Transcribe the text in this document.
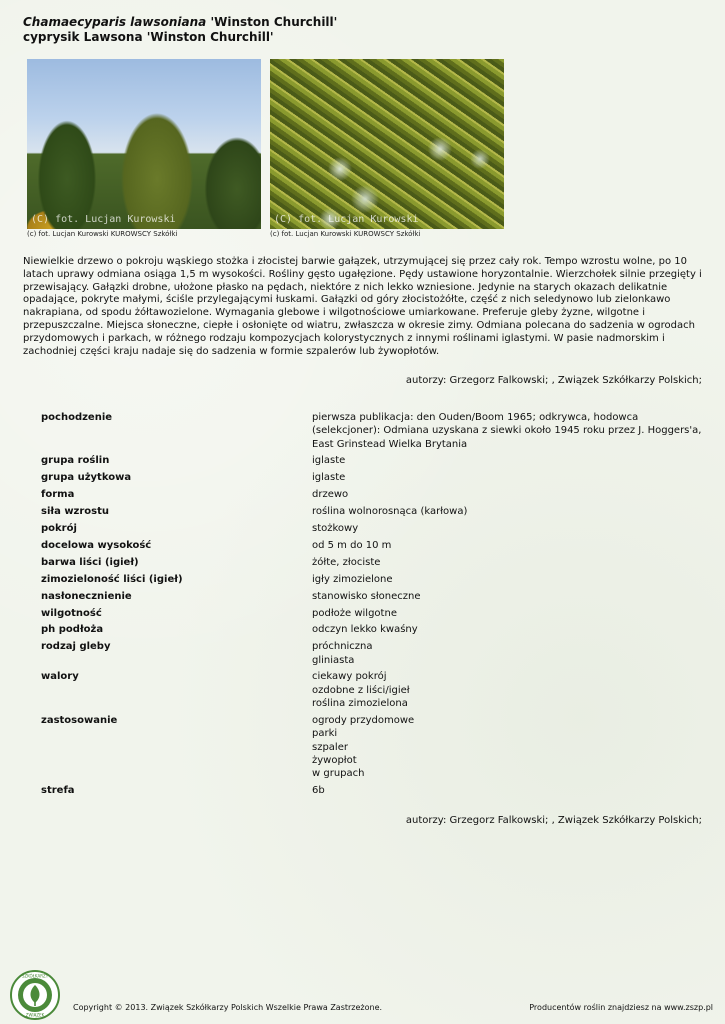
Chamaecyparis lawsoniana 'Winston Churchill'
cyprysik Lawsona 'Winston Churchill'
(C) fot. Lucjan Kurowski	(C) fot. Lucjan Kurowski
(c) fot. Lucjan Kurowski KUROWSCY Szkółki	(c) fot. Lucjan Kurowski KUROWSCY Szkółki

Niewielkie drzewo o pokroju wąskiego stożka i złocistej barwie gałązek, utrzymującej się przez cały rok. Tempo wzrostu wolne, po 10 latach uprawy odmiana osiąga 1,5 m wysokości. Rośliny gęsto ugałęzione. Pędy ustawione horyzontalnie. Wierzchołek silnie przegięty i przewisający. Gałązki drobne, ułożone płasko na pędach, niektóre z nich lekko wzniesione. Jedynie na starych okazach delikatnie opadające, pokryte małymi, ściśle przylegającymi łuskami. Gałązki od góry złocistożółte, część z nich seledynowo lub zielonkawo nakrapiana, od spodu żółtawozielone. Wymagania glebowe i wilgotnościowe umiarkowane. Preferuje gleby żyzne, wilgotne i przepuszczalne. Miejsca słoneczne, ciepłe i osłonięte od wiatru, zwłaszcza w okresie zimy. Odmiana polecana do sadzenia w ogrodach przydomowych i parkach, w różnego rodzaju kompozycjach kolorystycznych z innymi roślinami iglastymi. W pasie nadmorskim i zachodniej części kraju nadaje się do sadzenia w formie szpalerów lub żywopłotów.

autorzy: Grzegorz Falkowski; , Związek Szkółkarzy Polskich;
pochodzenie	pierwsza publikacja: den Ouden/Boom 1965; odkrywca, hodowca (selekcjoner): Odmiana uzyskana z siewki około 1945 roku przez J. Hoggers'a, East Grinstead Wielka Brytania
grupa roślin	iglaste
grupa użytkowa	iglaste
forma	drzewo
siła wzrostu	roślina wolnorosnąca (karłowa)
pokrój	stożkowy
docelowa wysokość	od 5 m do 10 m
barwa liści (igieł)	żółte, złociste
zimozieloność liści (igieł)	igły zimozielone
nasłonecznienie	stanowisko słoneczne
wilgotność	podłoże wilgotne
ph podłoża	odczyn lekko kwaśny
rodzaj gleby	próchniczna
gliniasta
walory	ciekawy pokrój
ozdobne z liści/igieł
roślina zimozielona
zastosowanie	ogrody przydomowe
parki
szpaler
żywopłot
w grupach
strefa	6b
autorzy: Grzegorz Falkowski; , Związek Szkółkarzy Polskich;
SZKÓŁKARZY
ZWIĄZEK
Copyright © 2013. Związek Szkółkarzy Polskich Wszelkie Prawa Zastrzeżone.	Producentów roślin znajdziesz na www.zszp.pl
